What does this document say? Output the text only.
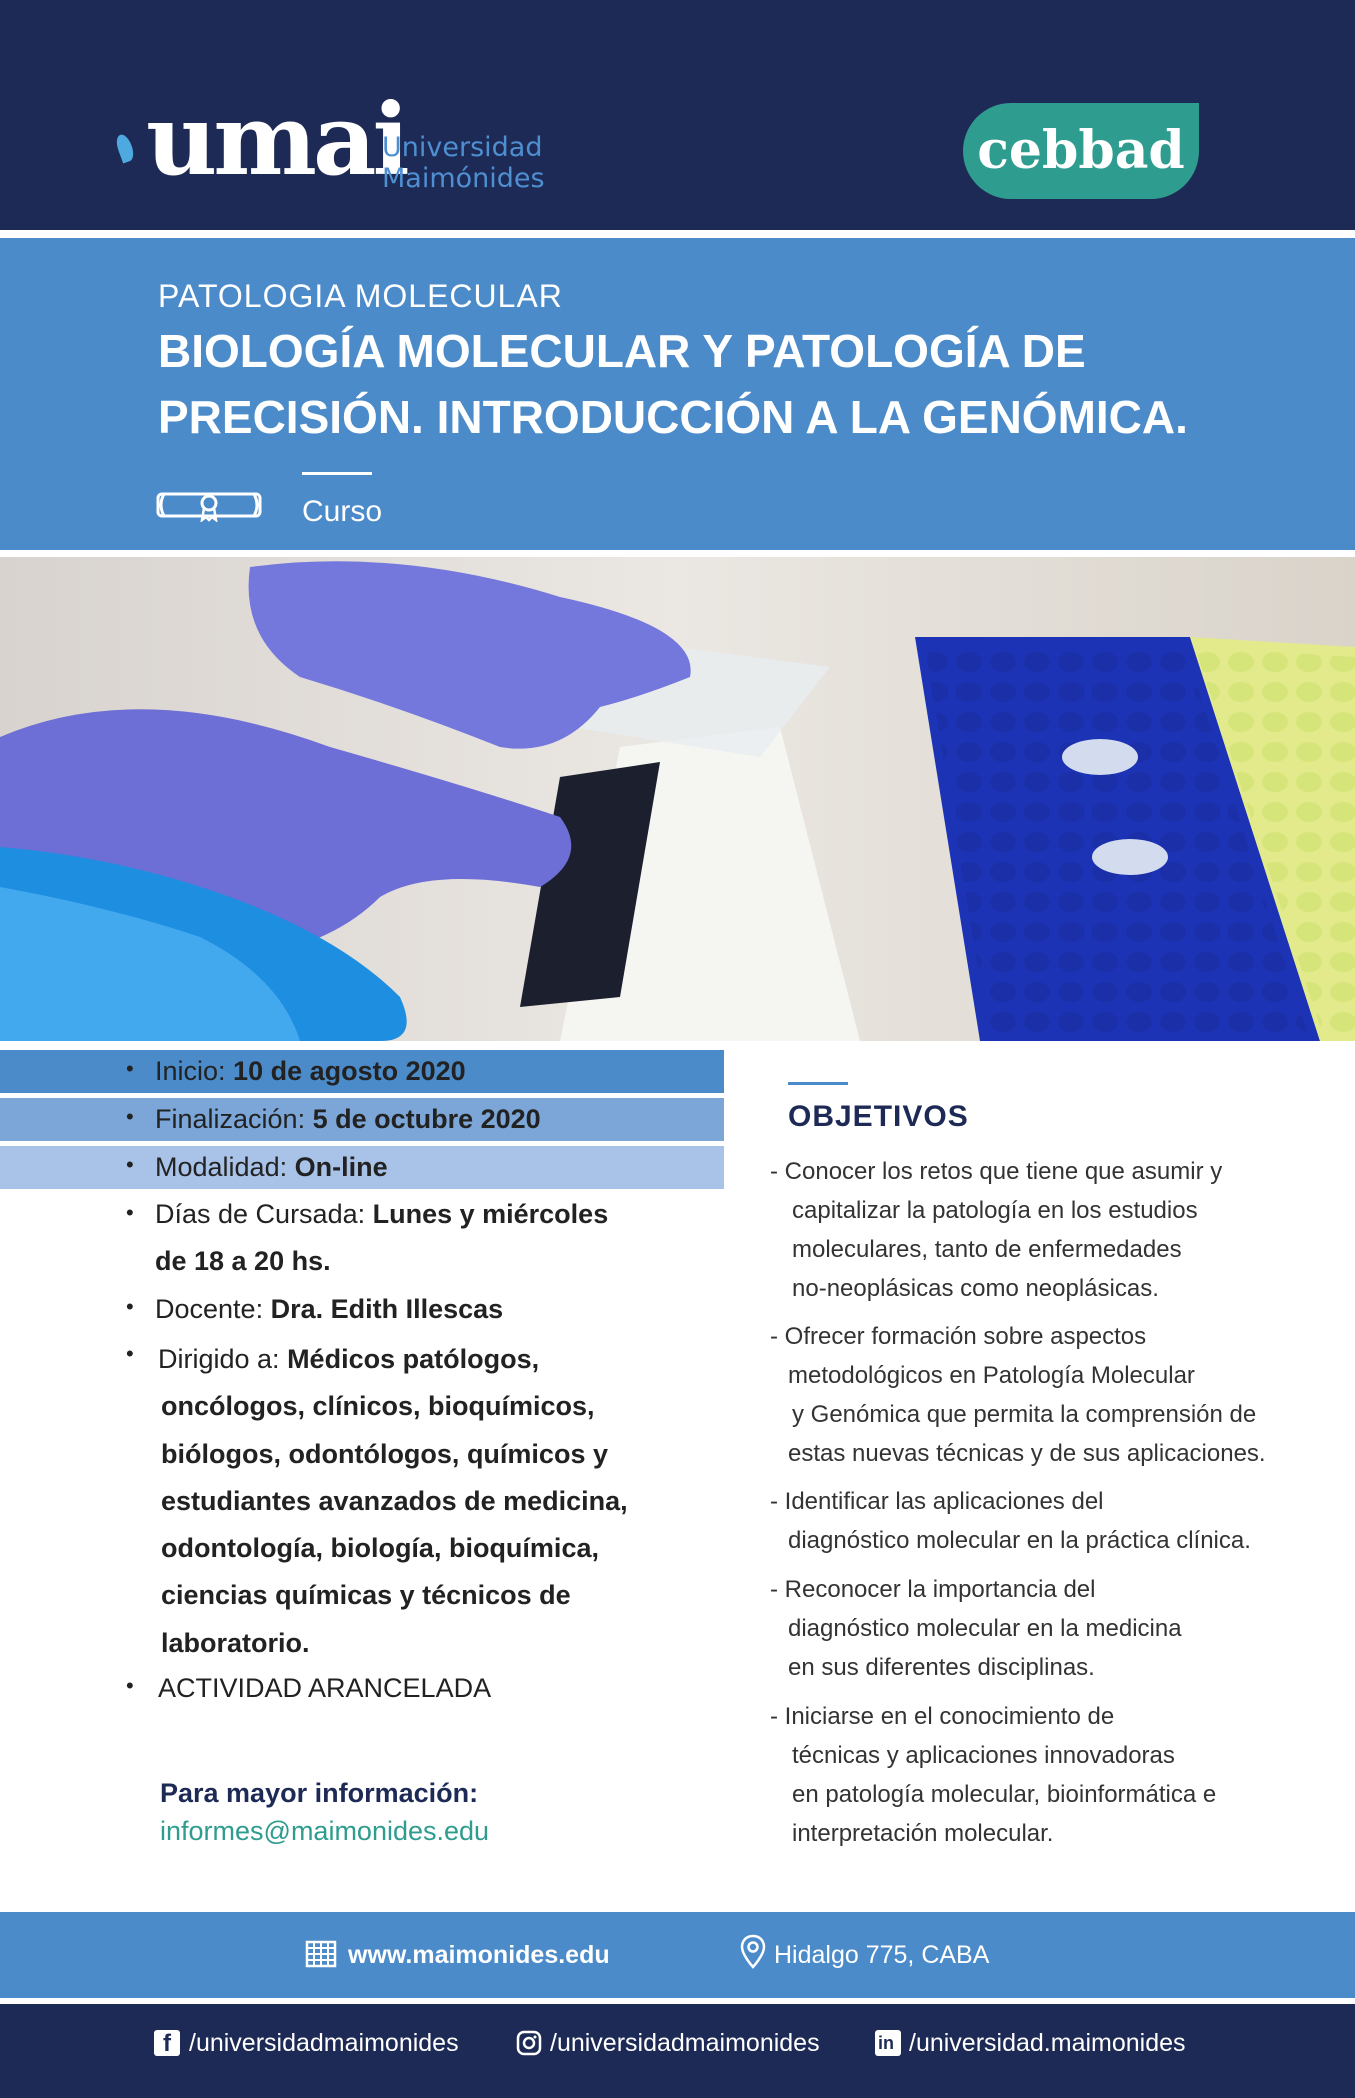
umai
Universidad
Maimónides	cebbad
PATOLOGIA MOLECULAR
BIOLOGÍA MOLECULAR Y PATOLOGÍA DE
PRECISIÓN. INTRODUCCIÓN A LA GENÓMICA.
Curso
• Inicio: 10 de agosto 2020
• Finalización: 5 de octubre 2020
• Modalidad: On-line
• Días de Cursada: Lunes y miércoles
de 18 a 20 hs.
• Docente: Dra. Edith Illescas
• Dirigido a: Médicos patólogos,
oncólogos, clínicos, bioquímicos,
biólogos, odontólogos, químicos y
estudiantes avanzados de medicina,
odontología, biología, bioquímica,
ciencias químicas y técnicos de
laboratorio.
• ACTIVIDAD ARANCELADA
Para mayor información:
informes@maimonides.edu
OBJETIVOS
- Conocer los retos que tiene que asumir y
capitalizar la patología en los estudios
moleculares, tanto de enfermedades
no-neoplásicas como neoplásicas.
- Ofrecer formación sobre aspectos
metodológicos en Patología Molecular
y Genómica que permita la comprensión de
estas nuevas técnicas y de sus aplicaciones.
- Identificar las aplicaciones del
diagnóstico molecular en la práctica clínica.
- Reconocer la importancia del
diagnóstico molecular en la medicina
en sus diferentes disciplinas.
- Iniciarse en el conocimiento de
técnicas y aplicaciones innovadoras
en patología molecular, bioinformática e
interpretación molecular.
www.maimonides.edu	Hidalgo 775, CABA
f /universidadmaimonides	/universidadmaimonides	in /universidad.maimonides
